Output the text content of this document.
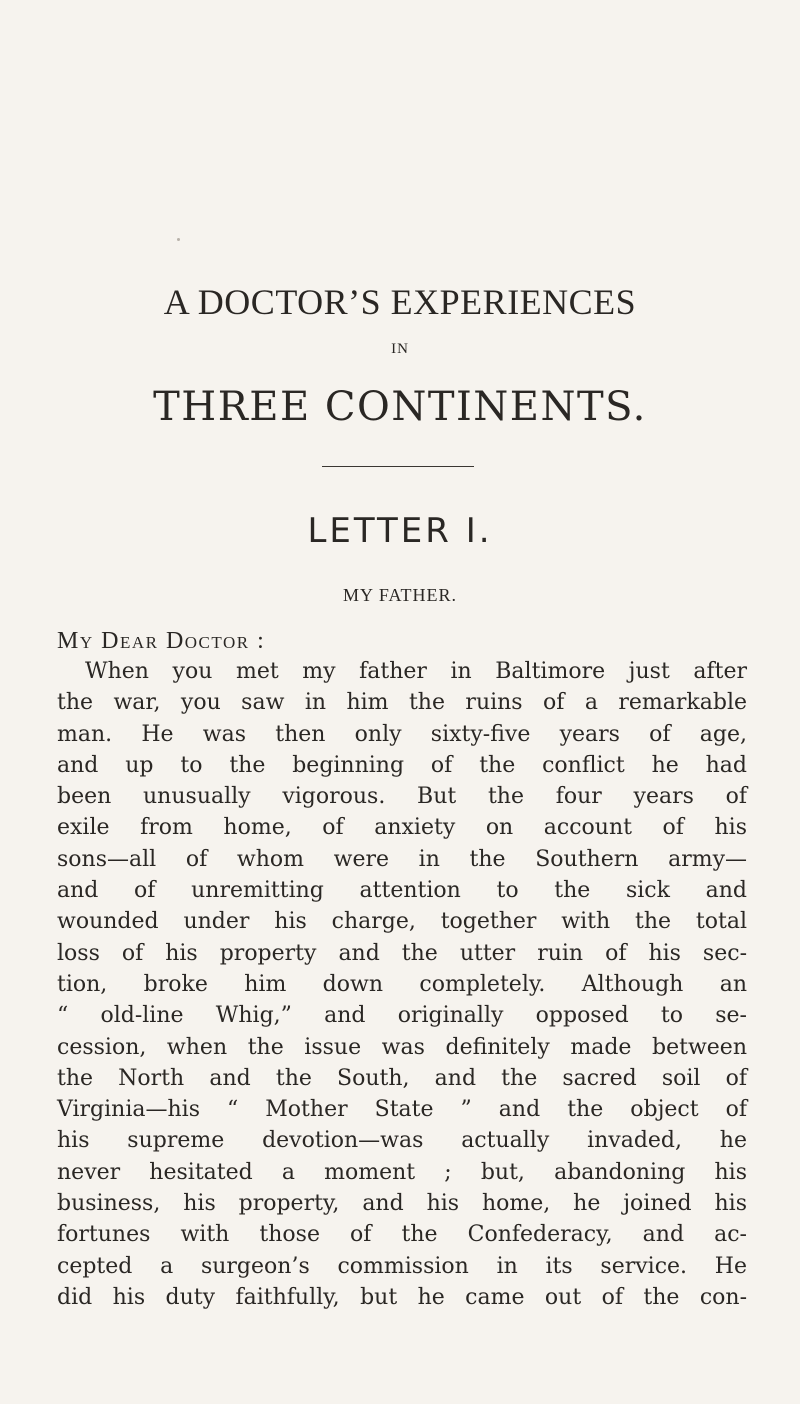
A DOCTOR’S EXPERIENCES
IN
THREE CONTINENTS.
LETTER I.
MY FATHER.
My Dear Doctor :
When you met my father in Baltimore just after
the war, you saw in him the ruins of a remarkable
man. He was then only sixty-five years of age,
and up to the beginning of the conflict he had
been unusually vigorous. But the four years of
exile from home, of anxiety on account of his
sons—all of whom were in the Southern army—
and of unremitting attention to the sick and
wounded under his charge, together with the total
loss of his property and the utter ruin of his sec-
tion, broke him down completely. Although an
“ old-line Whig,” and originally opposed to se-
cession, when the issue was definitely made between
the North and the South, and the sacred soil of
Virginia—his “ Mother State ” and the object of
his supreme devotion—was actually invaded, he
never hesitated a moment ; but, abandoning his
business, his property, and his home, he joined his
fortunes with those of the Confederacy, and ac-
cepted a surgeon’s commission in its service. He
did his duty faithfully, but he came out of the con-
